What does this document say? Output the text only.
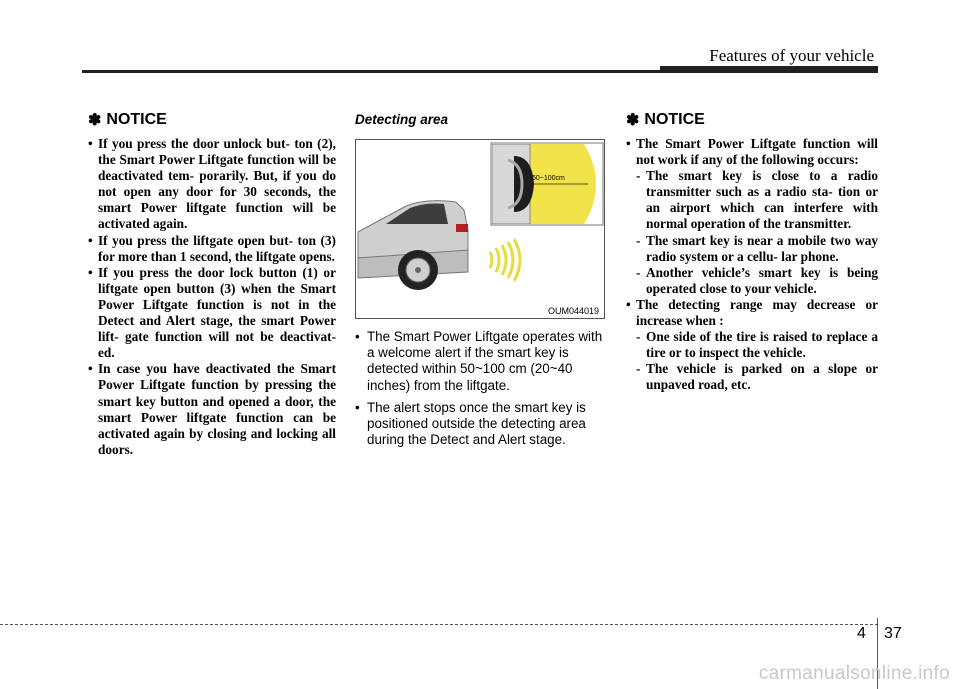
Features of your vehicle
✽ NOTICE
• If you press the door unlock but- ton (2), the Smart Power Liftgate function will be deactivated tem- porarily. But, if you do not open any door for 30 seconds, the smart Power liftgate function will be activated again.
• If you press the liftgate open but- ton (3) for more than 1 second, the liftgate opens.
• If you press the door lock button (1) or liftgate open button (3) when the Smart Power Liftgate function is not in the Detect and Alert stage, the smart Power lift- gate function will not be deactivat- ed.
• In case you have deactivated the Smart Power Liftgate function by pressing the smart key button and opened a door, the smart Power liftgate function can be activated again by closing and locking all doors.
Detecting area
50~100cm
OUM044019
• The Smart Power Liftgate operates with a welcome alert if the smart key is detected within 50~100 cm (20~40 inches) from the liftgate.
• The alert stops once the smart key is positioned outside the detecting area during the Detect and Alert stage.
✽ NOTICE
• The Smart Power Liftgate function will not work if any of the following occurs:
- The smart key is close to a radio transmitter such as a radio sta- tion or an airport which can interfere with normal operation of the transmitter.
- The smart key is near a mobile two way radio system or a cellu- lar phone.
- Another vehicle’s smart key is being operated close to your vehicle.
• The detecting range may decrease or increase when :
- One side of the tire is raised to replace a tire or to inspect the vehicle.
- The vehicle is parked on a slope or unpaved road, etc.
4 37
carmanualsonline.info
